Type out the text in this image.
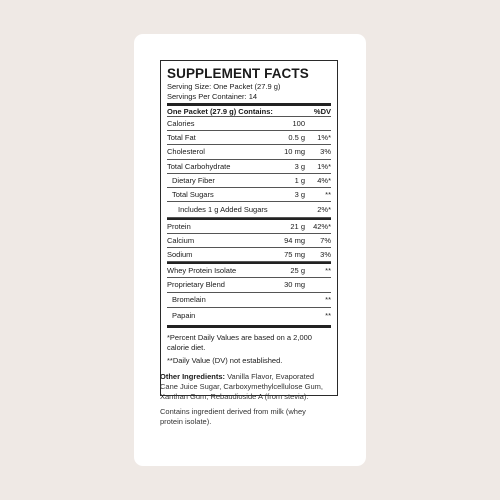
SUPPLEMENT FACTS
Serving Size: One Packet (27.9 g)
Servings Per Container: 14
One Packet (27.9 g) Contains:	%DV
Calories	100
Total Fat	0.5 g	1%*
Cholesterol	10 mg	3%
Total Carbohydrate	3 g	1%*
Dietary Fiber	1 g	4%*
Total Sugars	3 g	**
Includes 1 g Added Sugars	2%*
Protein	21 g	42%*
Calcium	94 mg	7%
Sodium	75 mg	3%
Whey Protein Isolate	25 g	**
Proprietary Blend	30 mg
Bromelain	**
Papain	**

*Percent Daily Values are based on a 2,000 calorie diet.

**Daily Value (DV) not established.

Other Ingredients: Vanilla Flavor, Evaporated Cane Juice Sugar, Carboxymethylcellulose Gum, Xanthan Gum, Rebaudioside A (from stevia).

Contains ingredient derived from milk (whey protein isolate).
